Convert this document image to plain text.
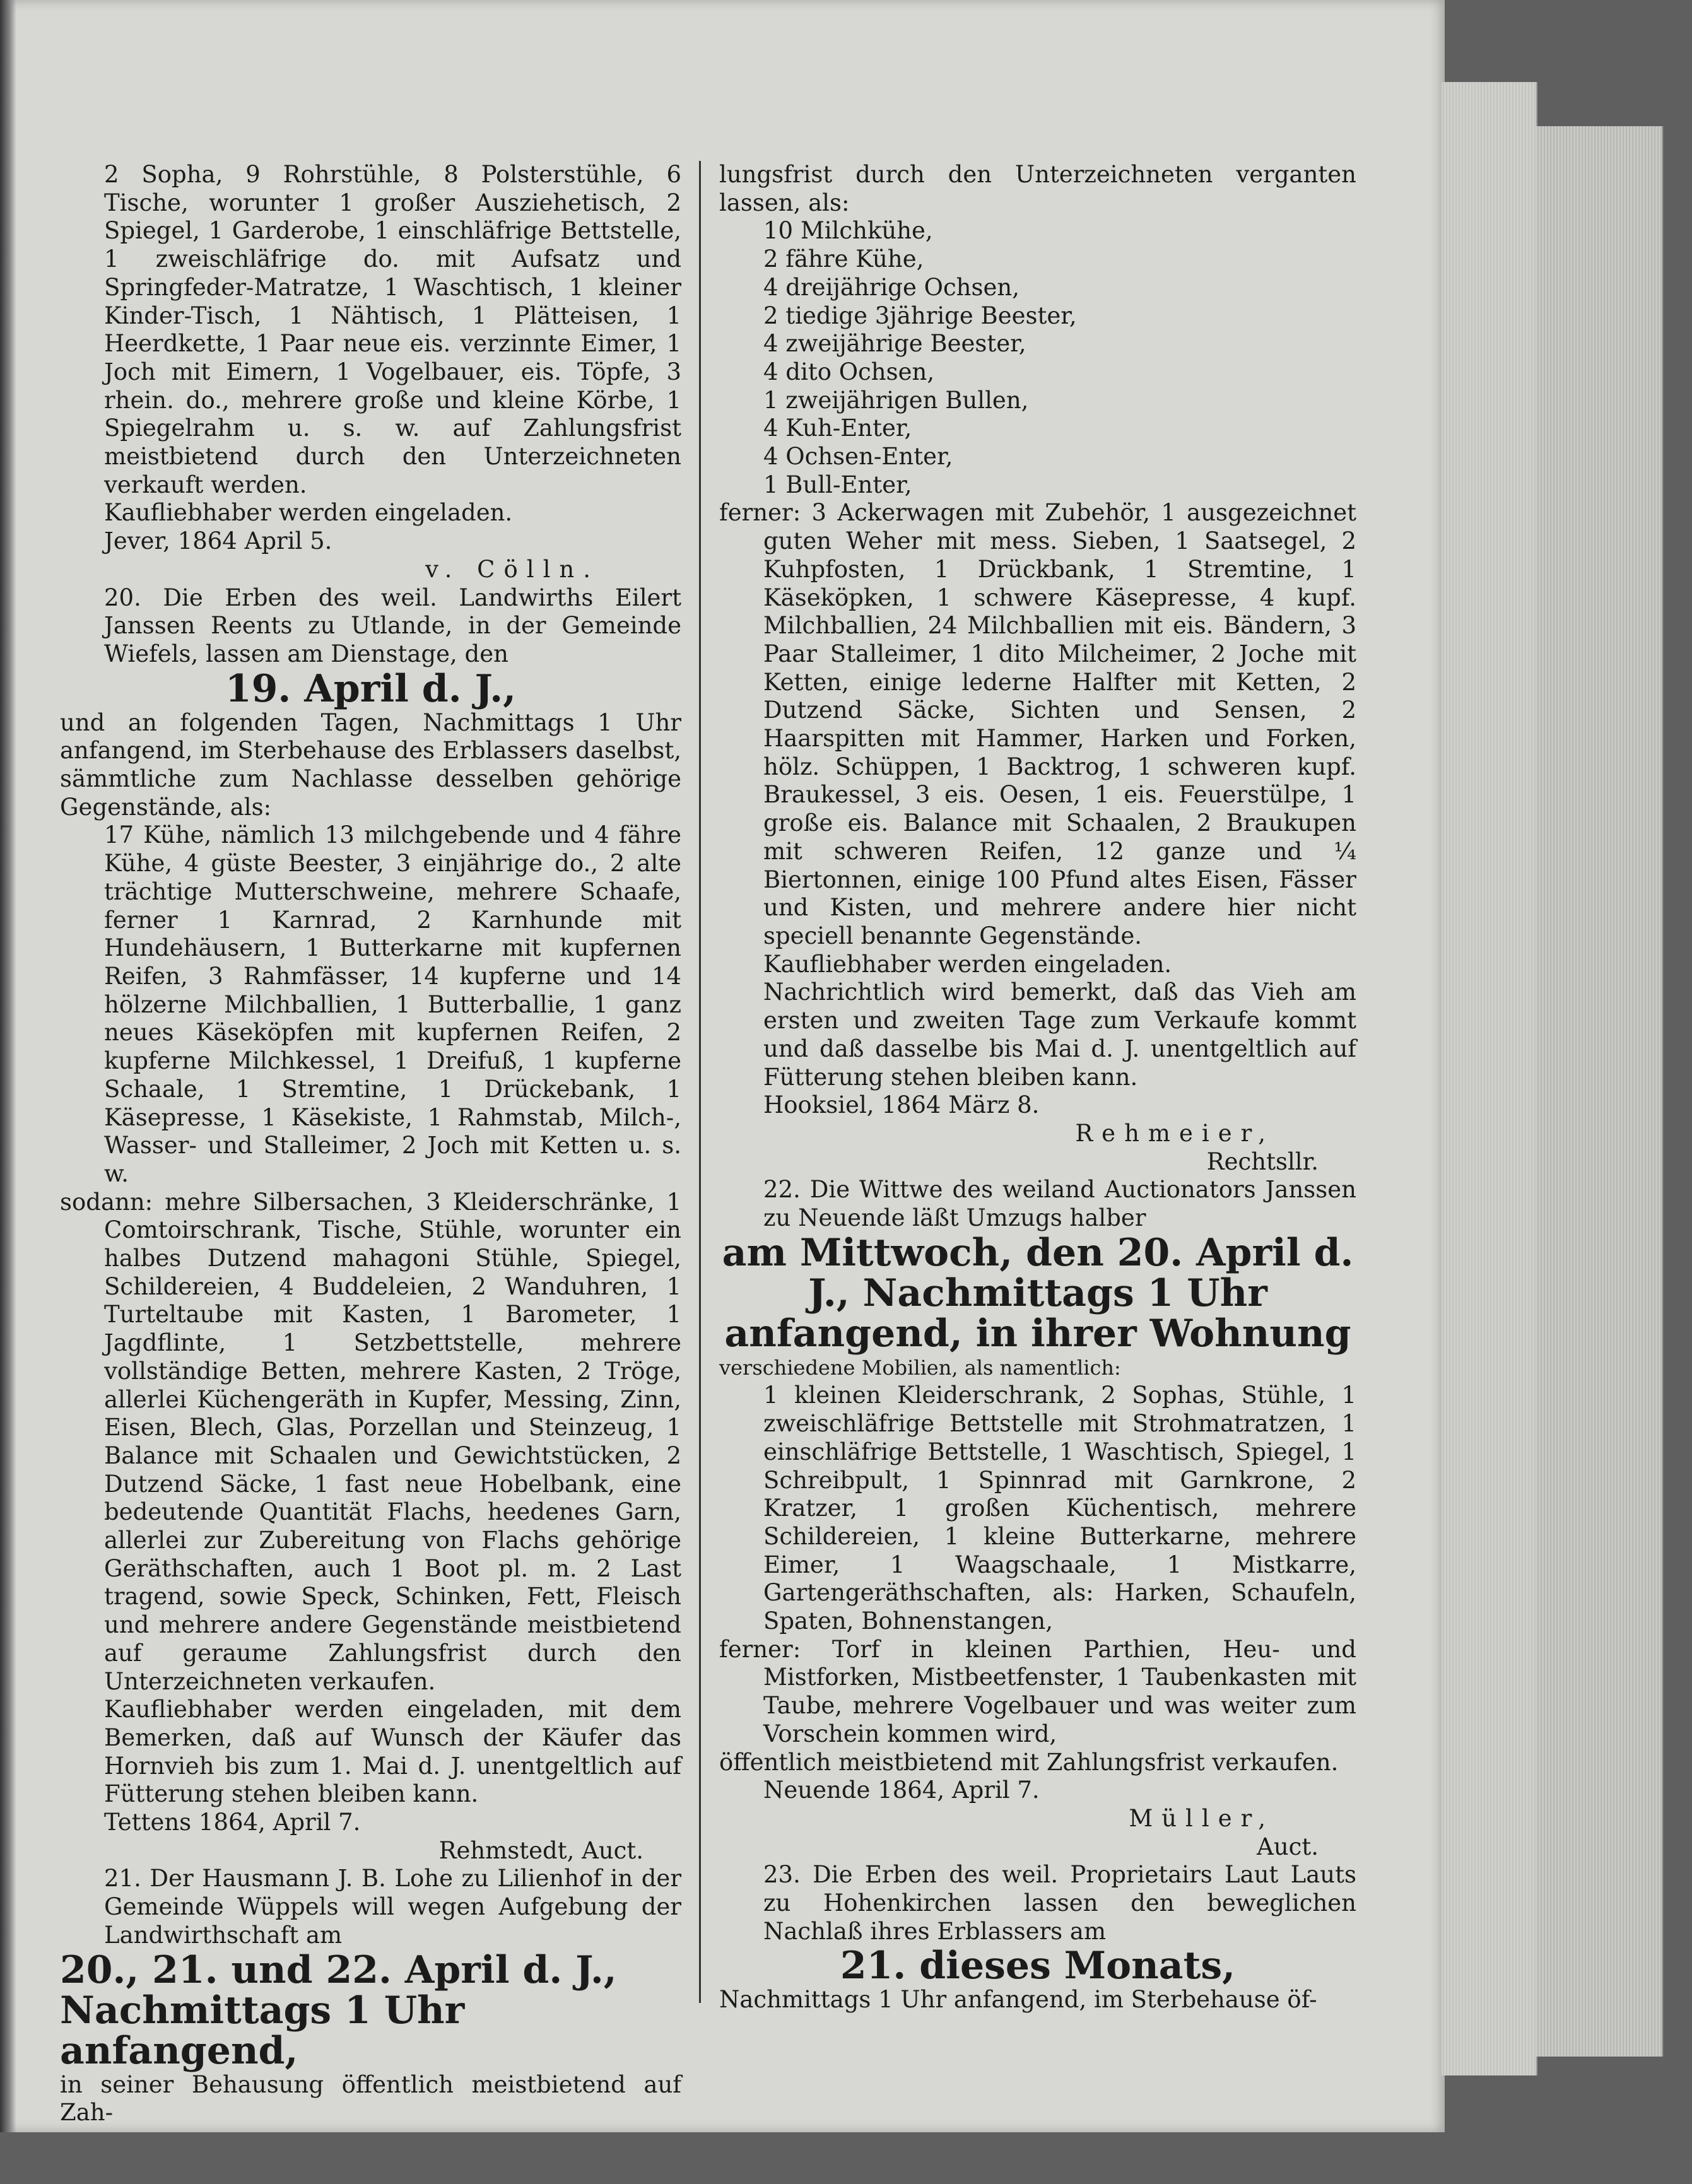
2 Sopha, 9 Rohrstühle, 8 Polsterstühle, 6 Tische, worunter 1 großer Ausziehetisch, 2 Spiegel, 1 Garderobe, 1 einschläfrige Bettstelle, 1 zweischläfrige do. mit Aufsatz und Springfeder-Matratze, 1 Waschtisch, 1 kleiner Kinder-Tisch, 1 Nähtisch, 1 Plätteisen, 1 Heerdkette, 1 Paar neue eis. verzinnte Eimer, 1 Joch mit Eimern, 1 Vogelbauer, eis. Töpfe, 3 rhein. do., mehrere große und kleine Körbe, 1 Spiegelrahm u. s. w. auf Zahlungsfrist meistbietend durch den Unterzeichneten verkauft werden.

Kaufliebhaber werden eingeladen.

Jever, 1864 April 5.

v. Cölln.

20. Die Erben des weil. Landwirths Eilert Janssen Reents zu Utlande, in der Gemeinde Wiefels, lassen am Dienstage, den

19. April d. J.,

und an folgenden Tagen, Nachmittags 1 Uhr anfangend, im Sterbehause des Erblassers daselbst, sämmtliche zum Nachlasse desselben gehörige Gegenstände, als:

17 Kühe, nämlich 13 milchgebende und 4 fähre Kühe, 4 güste Beester, 3 einjährige do., 2 alte trächtige Mutterschweine, mehrere Schaafe, ferner 1 Karnrad, 2 Karnhunde mit Hundehäusern, 1 Butterkarne mit kupfernen Reifen, 3 Rahmfässer, 14 kupferne und 14 hölzerne Milchballien, 1 Butterballie, 1 ganz neues Käseköpfen mit kupfernen Reifen, 2 kupferne Milchkessel, 1 Dreifuß, 1 kupferne Schaale, 1 Stremtine, 1 Drückebank, 1 Käsepresse, 1 Käsekiste, 1 Rahmstab, Milch-, Wasser- und Stalleimer, 2 Joch mit Ketten u. s. w.

sodann: mehre Silbersachen, 3 Kleiderschränke, 1 Comtoirschrank, Tische, Stühle, worunter ein halbes Dutzend mahagoni Stühle, Spiegel, Schildereien, 4 Buddeleien, 2 Wanduhren, 1 Turteltaube mit Kasten, 1 Barometer, 1 Jagdflinte, 1 Setzbettstelle, mehrere vollständige Betten, mehrere Kasten, 2 Tröge, allerlei Küchengeräth in Kupfer, Messing, Zinn, Eisen, Blech, Glas, Porzellan und Steinzeug, 1 Balance mit Schaalen und Gewichtstücken, 2 Dutzend Säcke, 1 fast neue Hobelbank, eine bedeutende Quantität Flachs, heedenes Garn, allerlei zur Zubereitung von Flachs gehörige Geräthschaften, auch 1 Boot pl. m. 2 Last tragend, sowie Speck, Schinken, Fett, Fleisch und mehrere andere Gegenstände meistbietend auf geraume Zahlungsfrist durch den Unterzeichneten verkaufen.

Kaufliebhaber werden eingeladen, mit dem Bemerken, daß auf Wunsch der Käufer das Hornvieh bis zum 1. Mai d. J. unentgeltlich auf Fütterung stehen bleiben kann.

Tettens 1864, April 7.

Rehmstedt, Auct.

21. Der Hausmann J. B. Lohe zu Lilienhof in der Gemeinde Wüppels will wegen Aufgebung der Landwirthschaft am

20., 21. und 22. April d. J.,

Nachmittags 1 Uhr anfangend,

in seiner Behausung öffentlich meistbietend auf Zah-

lungsfrist durch den Unterzeichneten verganten lassen, als:

10 Milchkühe,

2 fähre Kühe,

4 dreijährige Ochsen,

2 tiedige 3jährige Beester,

4 zweijährige Beester,

4 dito Ochsen,

1 zweijährigen Bullen,

4 Kuh-Enter,

4 Ochsen-Enter,

1 Bull-Enter,

ferner: 3 Ackerwagen mit Zubehör, 1 ausgezeichnet guten Weher mit mess. Sieben, 1 Saatsegel, 2 Kuhpfosten, 1 Drückbank, 1 Stremtine, 1 Käseköpken, 1 schwere Käsepresse, 4 kupf. Milchballien, 24 Milchballien mit eis. Bändern, 3 Paar Stalleimer, 1 dito Milcheimer, 2 Joche mit Ketten, einige lederne Halfter mit Ketten, 2 Dutzend Säcke, Sichten und Sensen, 2 Haarspitten mit Hammer, Harken und Forken, hölz. Schüppen, 1 Backtrog, 1 schweren kupf. Braukessel, 3 eis. Oesen, 1 eis. Feuerstülpe, 1 große eis. Balance mit Schaalen, 2 Braukupen mit schweren Reifen, 12 ganze und ¼ Biertonnen, einige 100 Pfund altes Eisen, Fässer und Kisten, und mehrere andere hier nicht speciell benannte Gegenstände.

Kaufliebhaber werden eingeladen.

Nachrichtlich wird bemerkt, daß das Vieh am ersten und zweiten Tage zum Verkaufe kommt und daß dasselbe bis Mai d. J. unentgeltlich auf Fütterung stehen bleiben kann.

Hooksiel, 1864 März 8.

Rehmeier,

Rechtsllr.

22. Die Wittwe des weiland Auctionators Janssen zu Neuende läßt Umzugs halber

am Mittwoch, den 20. April d. J., Nachmittags 1 Uhr anfangend, in ihrer Wohnung

verschiedene Mobilien, als namentlich:

1 kleinen Kleiderschrank, 2 Sophas, Stühle, 1 zweischläfrige Bettstelle mit Strohmatratzen, 1 einschläfrige Bettstelle, 1 Waschtisch, Spiegel, 1 Schreibpult, 1 Spinnrad mit Garnkrone, 2 Kratzer, 1 großen Küchentisch, mehrere Schildereien, 1 kleine Butterkarne, mehrere Eimer, 1 Waagschaale, 1 Mistkarre, Gartengeräthschaften, als: Harken, Schaufeln, Spaten, Bohnenstangen,

ferner: Torf in kleinen Parthien, Heu- und Mistforken, Mistbeetfenster, 1 Taubenkasten mit Taube, mehrere Vogelbauer und was weiter zum Vorschein kommen wird,

öffentlich meistbietend mit Zahlungsfrist verkaufen.

Neuende 1864, April 7.

Müller,

Auct.

23. Die Erben des weil. Proprietairs Laut Lauts zu Hohenkirchen lassen den beweglichen Nachlaß ihres Erblassers am

21. dieses Monats,

Nachmittags 1 Uhr anfangend, im Sterbehause öf-
